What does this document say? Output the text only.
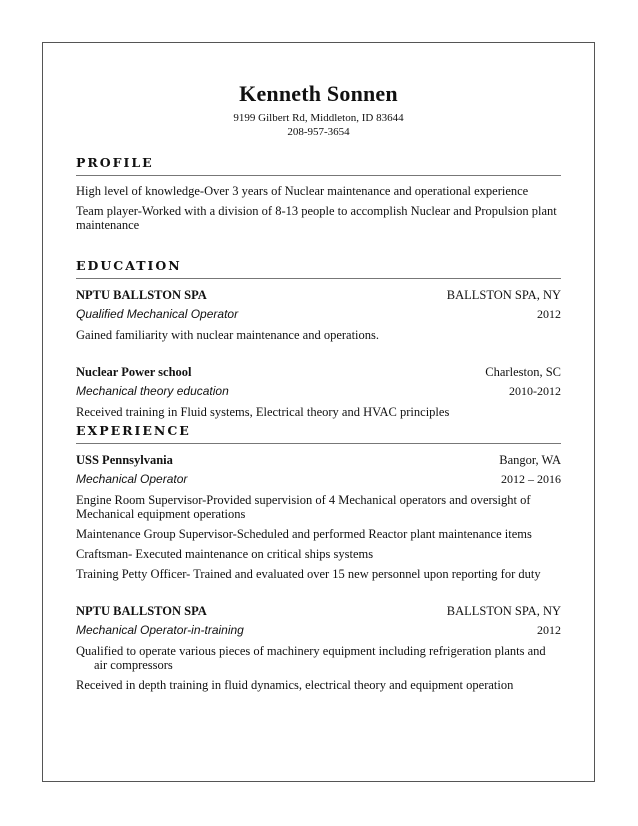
Kenneth Sonnen
9199 Gilbert Rd, Middleton, ID 83644
208-957-3654
PROFILE
High level of knowledge-Over 3 years of Nuclear maintenance and operational experience
Team player-Worked with a division of 8-13 people to accomplish Nuclear and Propulsion plant maintenance
EDUCATION
NPTU BALLSTON SPA	BALLSTON SPA, NY
Qualified Mechanical Operator	2012
Gained familiarity with nuclear maintenance and operations.
Nuclear Power school	Charleston, SC
Mechanical theory education	2010-2012
Received training in Fluid systems, Electrical theory and HVAC principles
EXPERIENCE
USS Pennsylvania	Bangor, WA
Mechanical Operator	2012 – 2016
Engine Room Supervisor-Provided supervision of 4 Mechanical operators and oversight of Mechanical equipment operations
Maintenance Group Supervisor-Scheduled and performed Reactor plant maintenance items
Craftsman- Executed maintenance on critical ships systems
Training Petty Officer- Trained and evaluated over 15 new personnel upon reporting for duty
NPTU BALLSTON SPA	BALLSTON SPA, NY
Mechanical Operator-in-training	2012
Qualified to operate various pieces of machinery equipment including refrigeration plants and air compressors
Received in depth training in fluid dynamics, electrical theory and equipment operation
